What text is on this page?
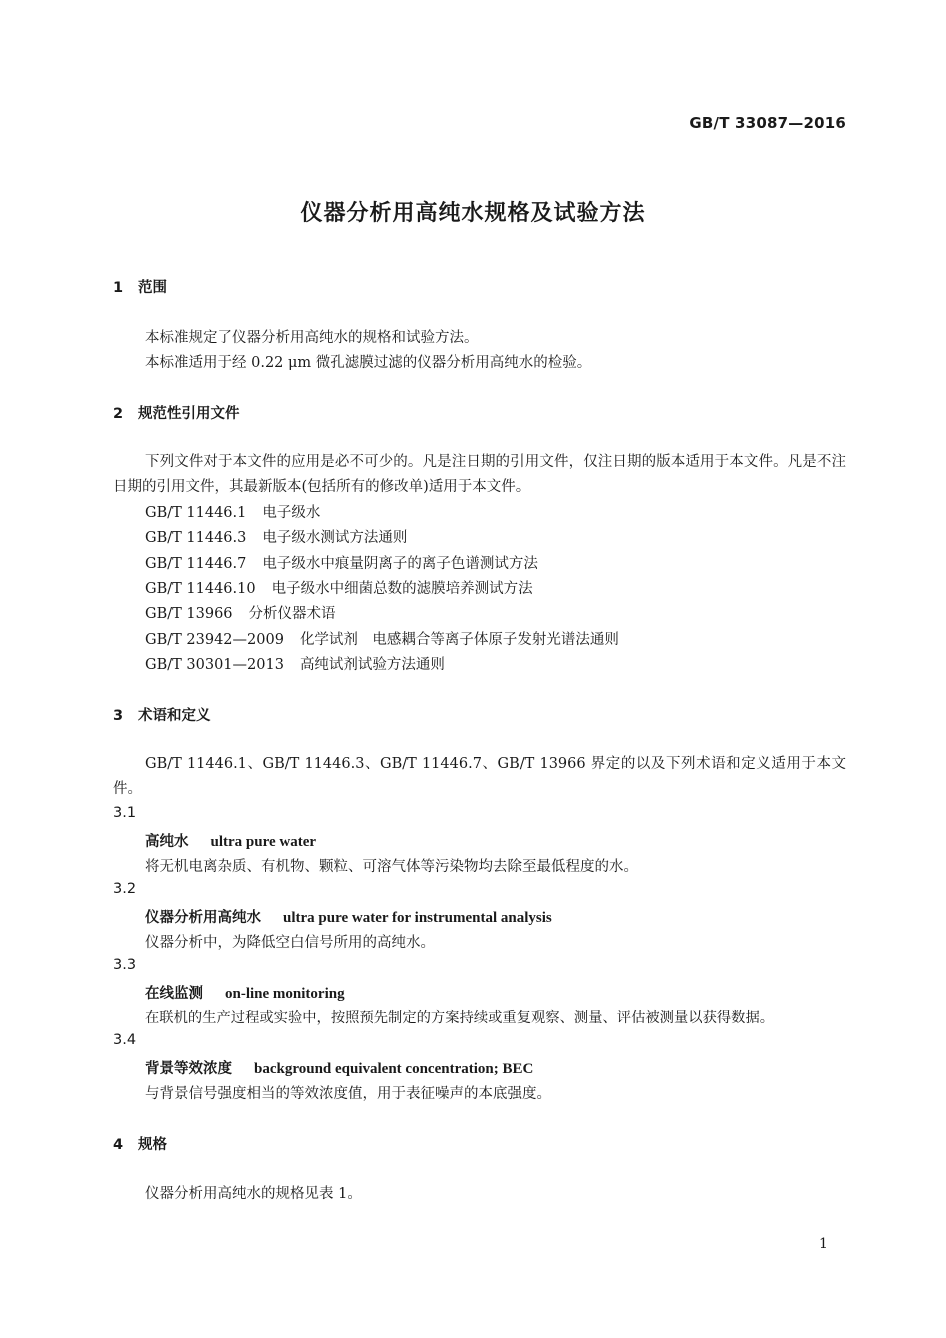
GB/T 33087—2016
仪器分析用高纯水规格及试验方法
1 范围

本标准规定了仪器分析用高纯水的规格和试验方法。

本标准适用于经 0.22 μm 微孔滤膜过滤的仪器分析用高纯水的检验。

2 规范性引用文件

下列文件对于本文件的应用是必不可少的。凡是注日期的引用文件，仅注日期的版本适用于本文件。凡是不注日期的引用文件，其最新版本(包括所有的修改单)适用于本文件。

GB/T 11446.1 电子级水
GB/T 11446.3 电子级水测试方法通则
GB/T 11446.7 电子级水中痕量阴离子的离子色谱测试方法
GB/T 11446.10 电子级水中细菌总数的滤膜培养测试方法
GB/T 13966 分析仪器术语
GB/T 23942—2009 化学试剂　电感耦合等离子体原子发射光谱法通则
GB/T 30301—2013 高纯试剂试验方法通则
3 术语和定义

GB/T 11446.1、GB/T 11446.3、GB/T 11446.7、GB/T 13966 界定的以及下列术语和定义适用于本文件。

3.1
高纯水 ultra pure water

将无机电离杂质、有机物、颗粒、可溶气体等污染物均去除至最低程度的水。

3.2
仪器分析用高纯水 ultra pure water for instrumental analysis

仪器分析中，为降低空白信号所用的高纯水。

3.3
在线监测 on-line monitoring

在联机的生产过程或实验中，按照预先制定的方案持续或重复观察、测量、评估被测量以获得数据。

3.4
背景等效浓度 background equivalent concentration; BEC

与背景信号强度相当的等效浓度值，用于表征噪声的本底强度。

4 规格

仪器分析用高纯水的规格见表 1。

1
